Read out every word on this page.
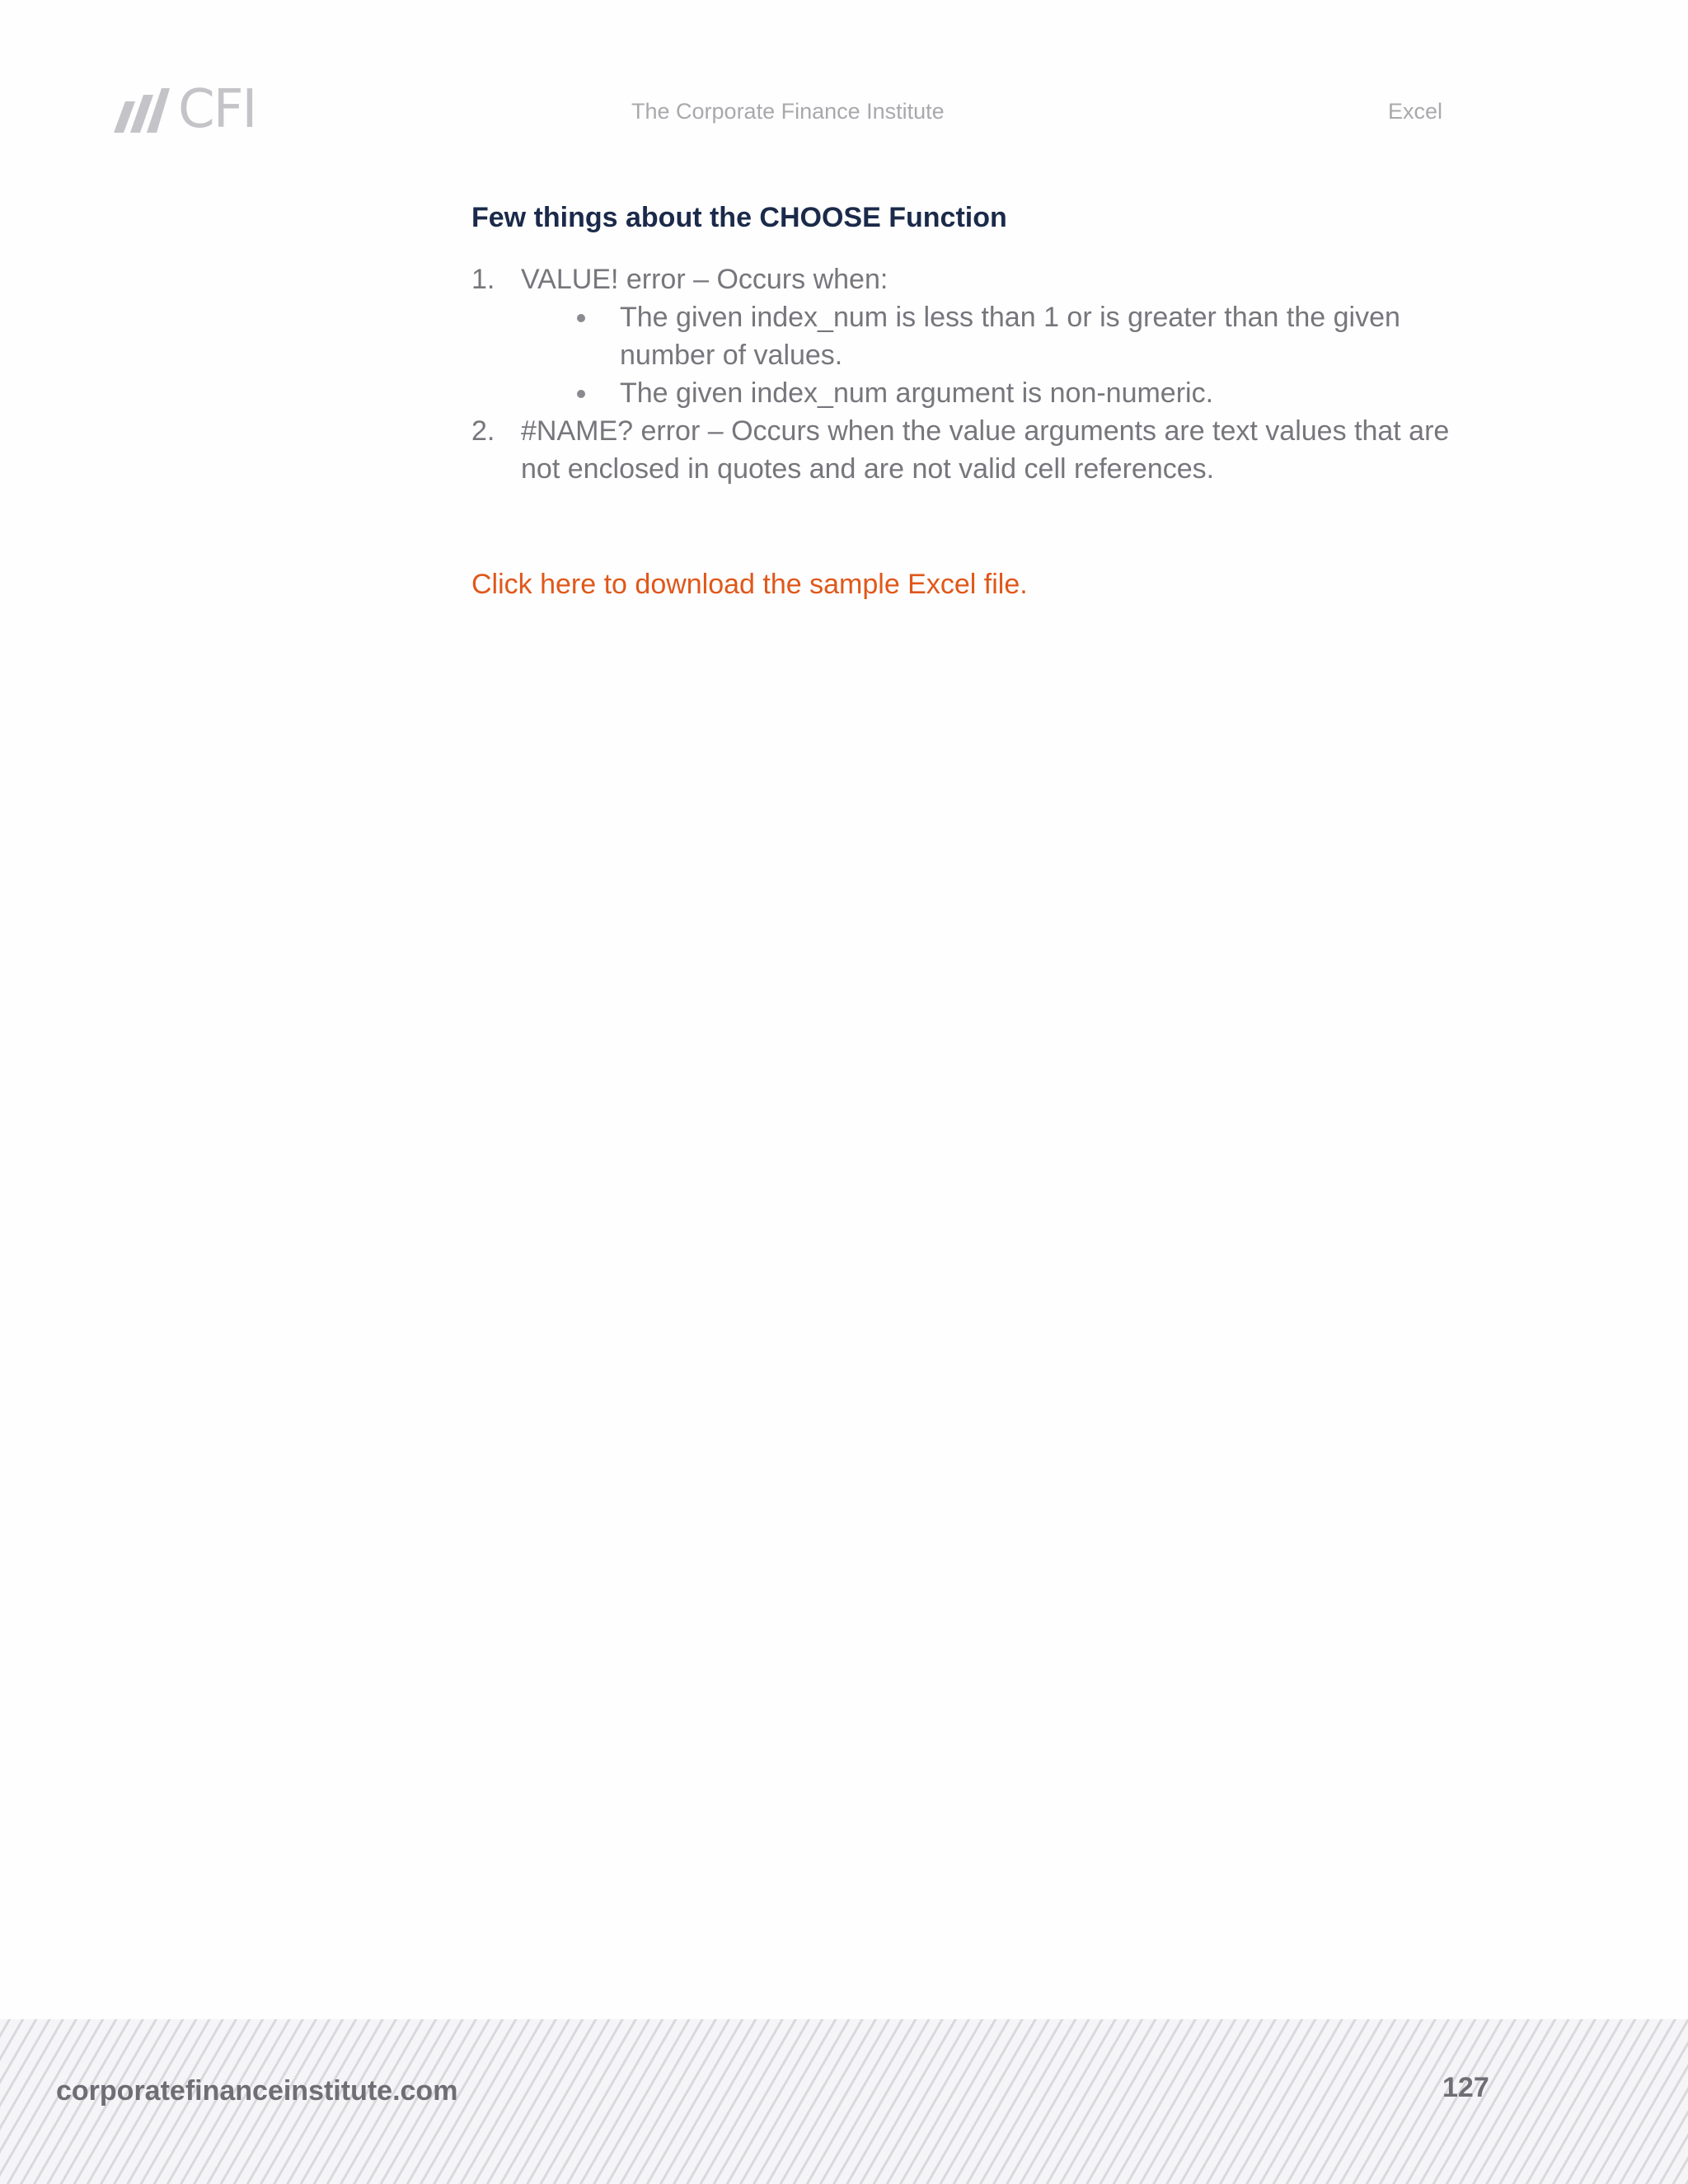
CFI	The Corporate Finance Institute	Excel
Few things about the CHOOSE Function
1. VALUE! error – Occurs when:
The given index_num is less than 1 or is greater than the given number of values.
The given index_num argument is non-numeric.
2. #NAME? error – Occurs when the value arguments are text values that are not enclosed in quotes and are not valid cell references.
Click here to download the sample Excel file.
corporatefinanceinstitute.com	127
